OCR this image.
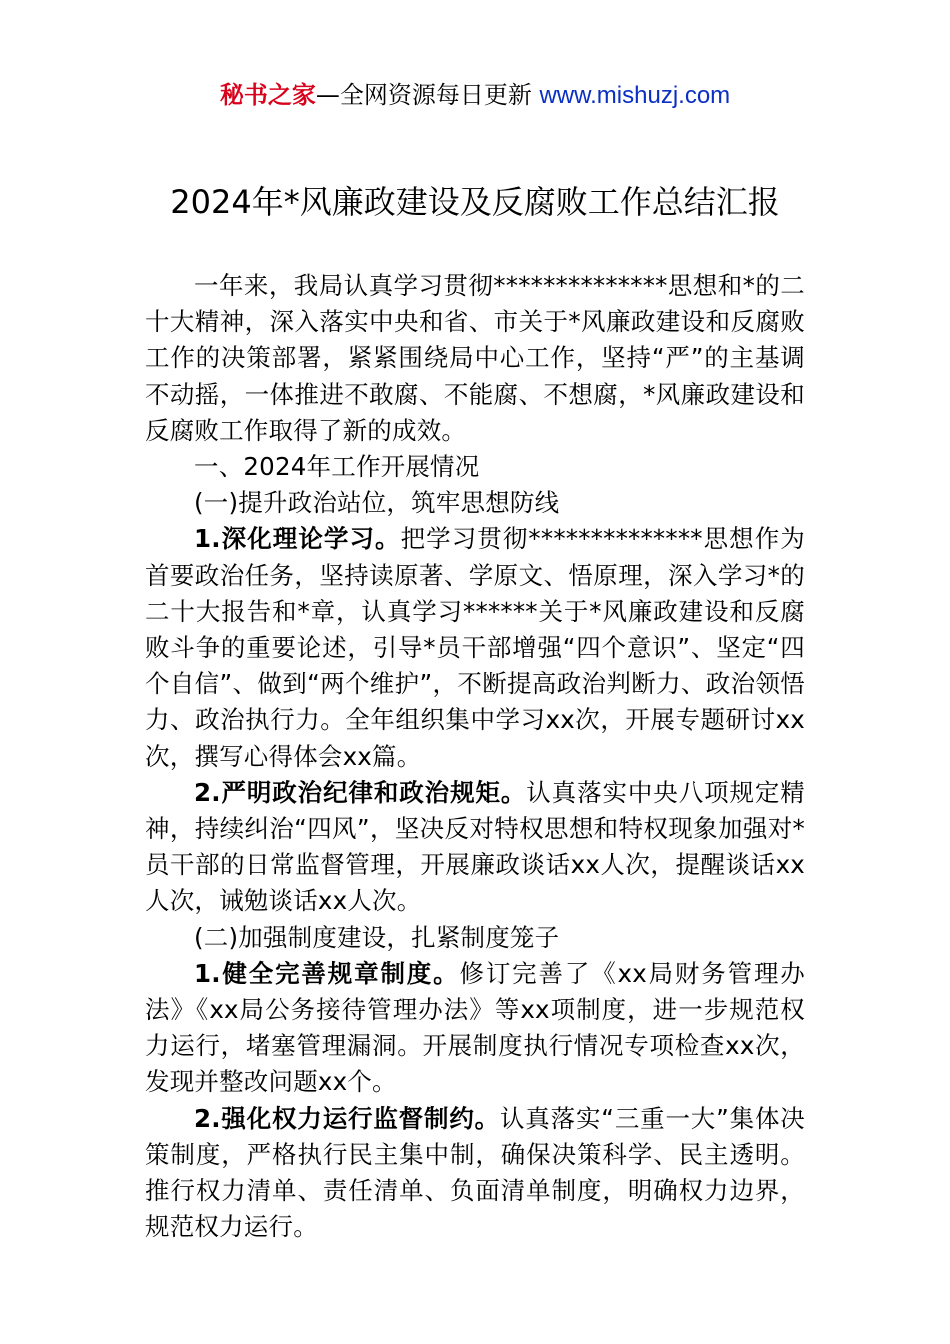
秘书之家—全网资源每日更新 www.mishuzj.com
2024年*风廉政建设及反腐败工作总结汇报

一年来，我局认真学习贯彻**************思想和*的二十大精神，深入落实中央和省、市关于*风廉政建设和反腐败工作的决策部署，紧紧围绕局中心工作，坚持“严”的主基调不动摇，一体推进不敢腐、不能腐、不想腐，*风廉政建设和反腐败工作取得了新的成效。

一、2024年工作开展情况

(一)提升政治站位，筑牢思想防线

1.深化理论学习。把学习贯彻**************思想作为首要政治任务，坚持读原著、学原文、悟原理，深入学习*的二十大报告和*章，认真学习******关于*风廉政建设和反腐败斗争的重要论述，引导*员干部增强“四个意识”、坚定“四个自信”、做到“两个维护”，不断提高政治判断力、政治领悟力、政治执行力。全年组织集中学习xx次，开展专题研讨xx次，撰写心得体会xx篇。

2.严明政治纪律和政治规矩。认真落实中央八项规定精神，持续纠治“四风”，坚决反对特权思想和特权现象加强对*员干部的日常监督管理，开展廉政谈话xx人次，提醒谈话xx人次，诫勉谈话xx人次。

(二)加强制度建设，扎紧制度笼子

1.健全完善规章制度。修订完善了《xx局财务管理办法》《xx局公务接待管理办法》等xx项制度，进一步规范权力运行，堵塞管理漏洞。开展制度执行情况专项检查xx次，发现并整改问题xx个。

2.强化权力运行监督制约。认真落实“三重一大”集体决策制度，严格执行民主集中制，确保决策科学、民主透明。推行权力清单、责任清单、负面清单制度，明确权力边界，规范权力运行。
